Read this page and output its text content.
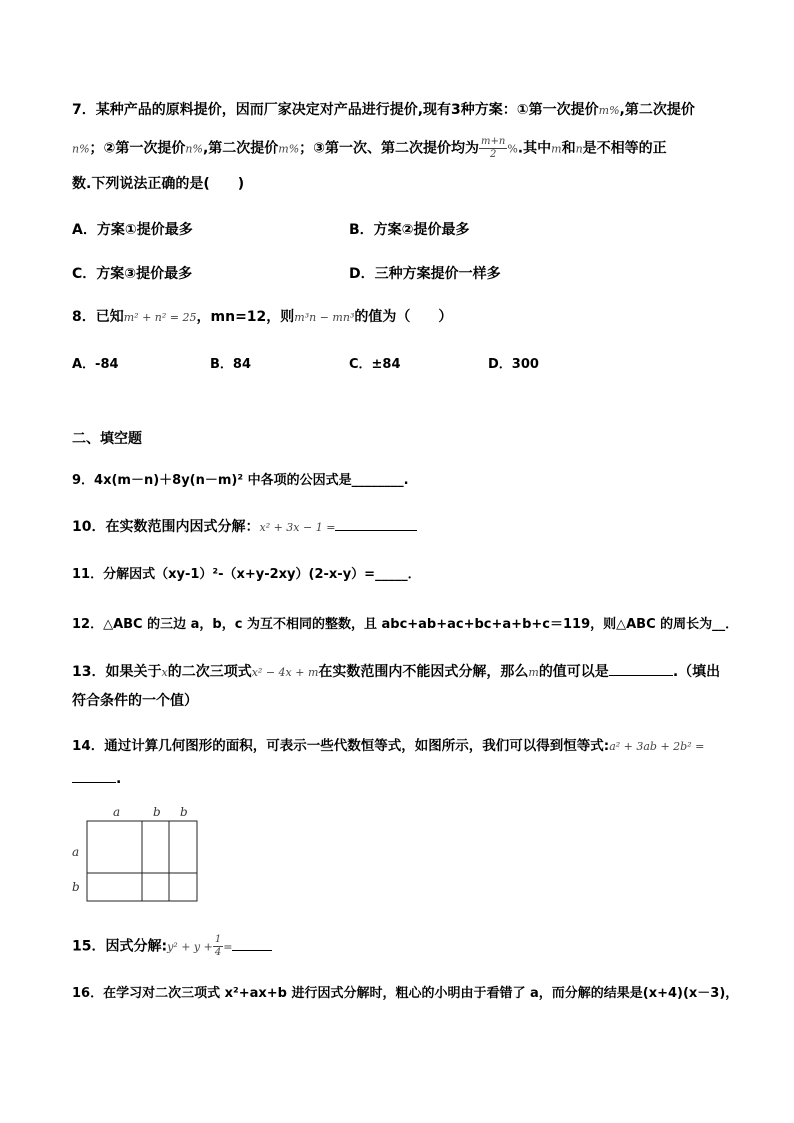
7．某种产品的原料提价，因而厂家决定对产品进行提价,现有3种方案：①第一次提价m%,第二次提价
n%；②第一次提价n%,第二次提价m%；③第一次、第二次提价均为 $\frac{m+n}{2}$ %.其中m和n是不相等的正
数.下列说法正确的是(　　)
A．方案①提价最多	B．方案②提价最多
C．方案③提价最多	D．三种方案提价一样多
8．已知m² + n² = 25，mn=12，则m³n − mn³的值为（　　）
A．-84	B．84	C．±84	D．300
二、填空题
9．4x(m－n)＋8y(n－m)² 中各项的公因式是________.
10．在实数范围内因式分解：x² + 3x − 1 =
11．分解因式（xy-1）²-（x+y-2xy）(2-x-y）=_____．
12．△ABC 的三边 a，b，c 为互不相同的整数，且 abc+ab+ac+bc+a+b+c＝119，则△ABC 的周长为__．
13．如果关于x的二次三项式x² − 4x + m在实数范围内不能因式分解，那么m的值可以是	.（填出
符合条件的一个值）
14．通过计算几何图形的面积，可表示一些代数恒等式，如图所示，我们可以得到恒等式:a² + 3ab + 2b² =
.
a	b b
a
b
15．因式分解:y² + $y + \frac{1}{4}$ =
16．在学习对二次三项式 x²+ax+b 进行因式分解时，粗心的小明由于看错了 a，而分解的结果是(x+4)(x－3)，
